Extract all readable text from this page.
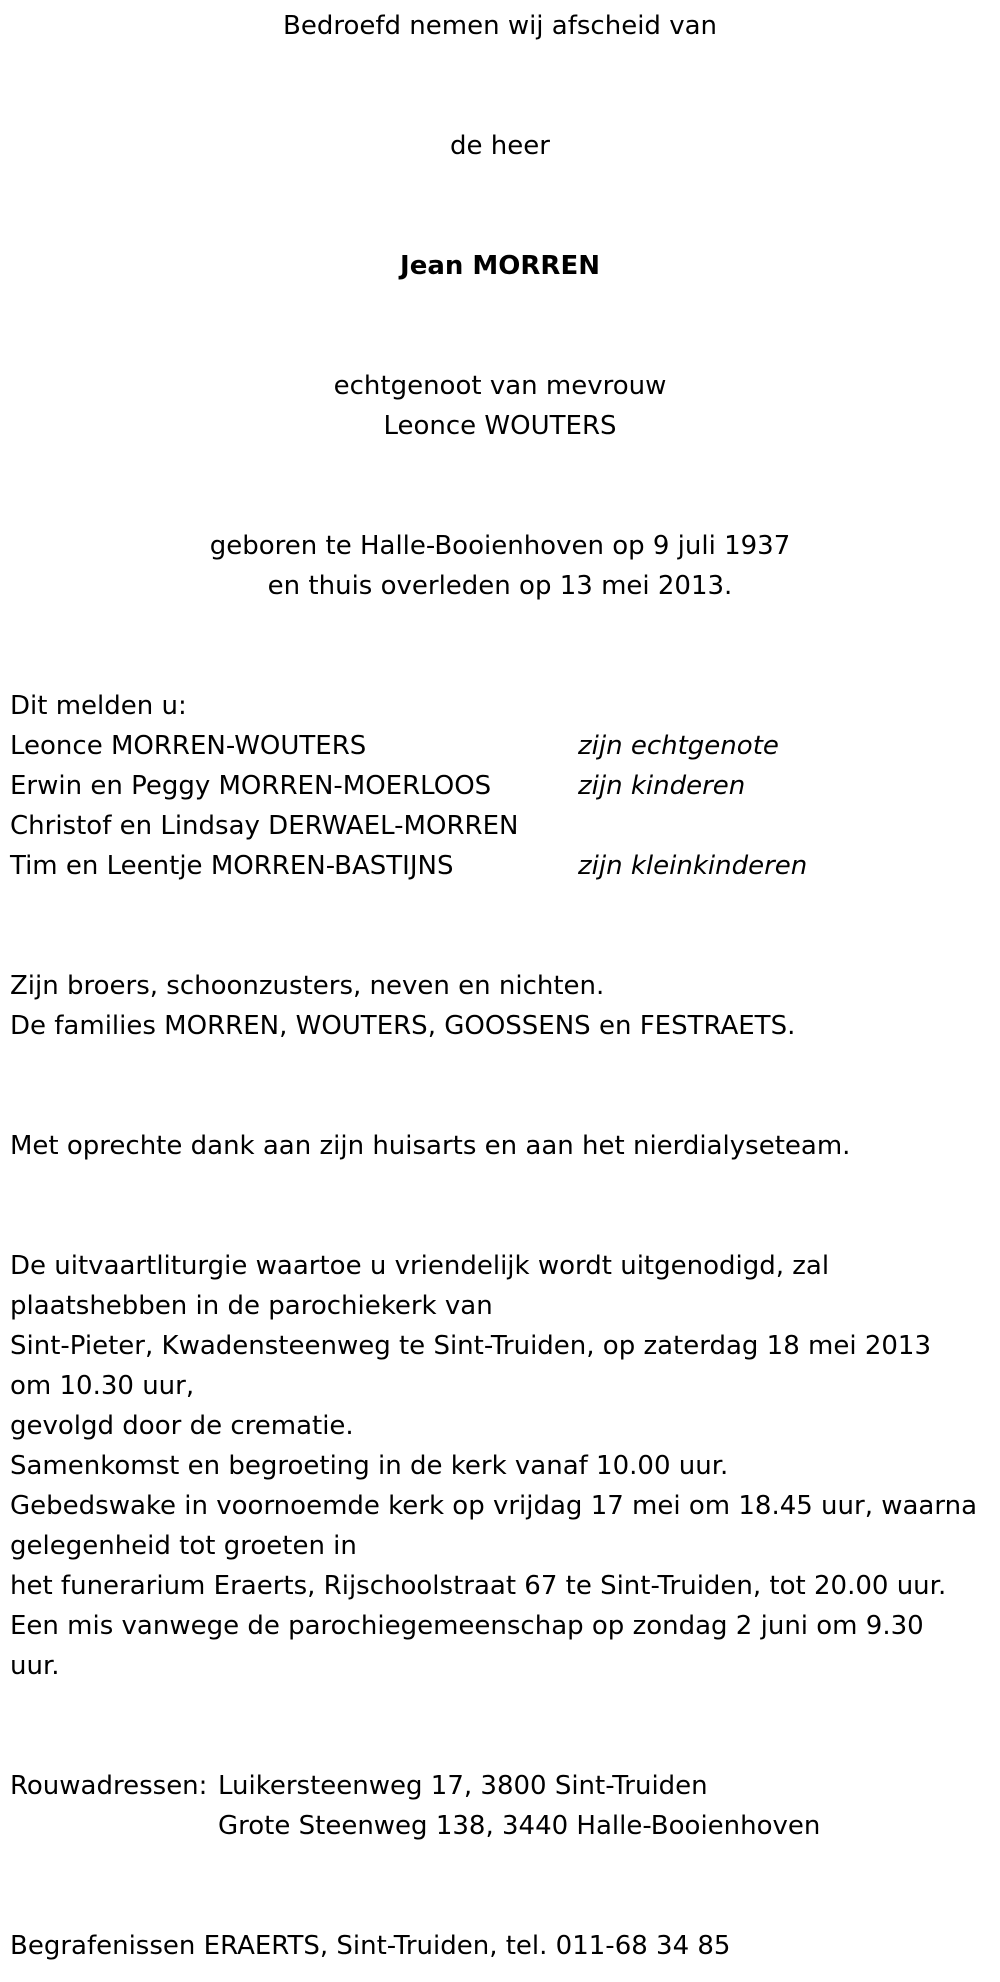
Bedroefd nemen wij afscheid van
de heer
Jean MORREN
echtgenoot van mevrouw
Leonce WOUTERS
geboren te Halle-Booienhoven op 9 juli 1937
en thuis overleden op 13 mei 2013.
Dit melden u:
Leonce MORREN-WOUTERS	zijn echtgenote
Erwin en Peggy MORREN-MOERLOOS	zijn kinderen
Christof en Lindsay DERWAEL-MORREN
Tim en Leentje MORREN-BASTIJNS	zijn kleinkinderen
Zijn broers, schoonzusters, neven en nichten.
De families MORREN, WOUTERS, GOOSSENS en FESTRAETS.
Met oprechte dank aan zijn huisarts en aan het nierdialyseteam.
De uitvaartliturgie waartoe u vriendelijk wordt uitgenodigd, zal
plaatshebben in de parochiekerk van
Sint-Pieter, Kwadensteenweg te Sint-Truiden, op zaterdag 18 mei 2013
om 10.30 uur,
gevolgd door de crematie.
Samenkomst en begroeting in de kerk vanaf 10.00 uur.
Gebedswake in voornoemde kerk op vrijdag 17 mei om 18.45 uur, waarna
gelegenheid tot groeten in
het funerarium Eraerts, Rijschoolstraat 67 te Sint-Truiden, tot 20.00 uur.
Een mis vanwege de parochiegemeenschap op zondag 2 juni om 9.30
uur.
Rouwadressen: Luikersteenweg 17, 3800 Sint-Truiden
Grote Steenweg 138, 3440 Halle-Booienhoven
Begrafenissen ERAERTS, Sint-Truiden, tel. 011-68 34 85
